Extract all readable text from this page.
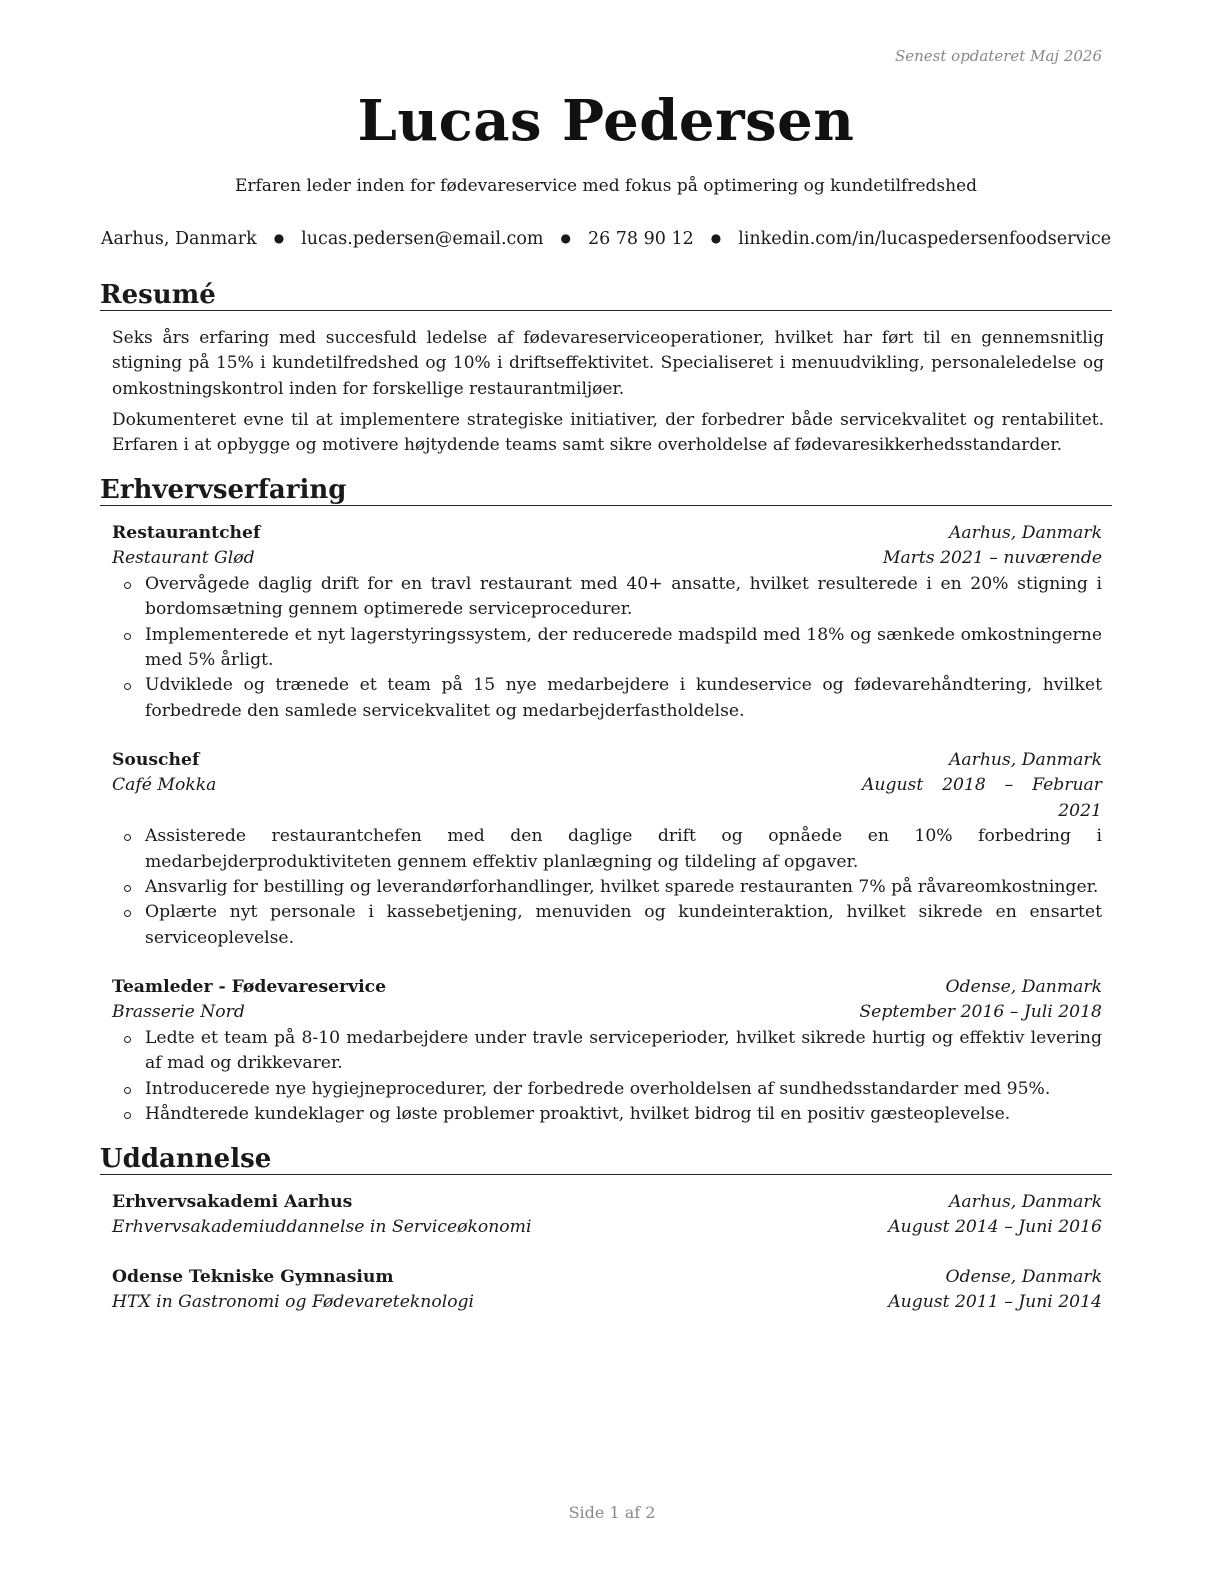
Senest opdateret Maj 2026
Lucas Pedersen
Erfaren leder inden for fødevareservice med fokus på optimering og kundetilfredshed
Aarhus, Danmark ● lucas.pedersen@email.com ● 26 78 90 12 ● linkedin.com/in/lucaspedersenfoodservice
Resumé

Seks års erfaring med succesfuld ledelse af fødevareserviceoperationer, hvilket har ført til en gennemsnitlig stigning på 15% i kundetilfredshed og 10% i driftseffektivitet. Specialiseret i menuudvikling, personaleledelse og omkostningskontrol inden for forskellige restaurantmiljøer.

Dokumenteret evne til at implementere strategiske initiativer, der forbedrer både servicekvalitet og rentabilitet. Erfaren i at opbygge og motivere højtydende teams samt sikre overholdelse af fødevaresikkerhedsstandarder.

Erhvervserfaring
Restaurantchef	Aarhus, Danmark
Restaurant Glød	Marts 2021 – nuværende
Overvågede daglig drift for en travl restaurant med 40+ ansatte, hvilket resulterede i en 20% stigning i bordomsætning gennem optimerede serviceprocedurer.
Implementerede et nyt lagerstyringssystem, der reducerede madspild med 18% og sænkede omkostningerne med 5% årligt.
Udviklede og trænede et team på 15 nye medarbejdere i kundeservice og fødevarehåndtering, hvilket forbedrede den samlede servicekvalitet og medarbejderfastholdelse.
Souschef	Aarhus, Danmark
Café Mokka	August 2018 – Februar 2021
Assisterede restaurantchefen med den daglige drift og opnåede en 10% forbedring i medarbejderproduktiviteten gennem effektiv planlægning og tildeling af opgaver.
Ansvarlig for bestilling og leverandørforhandlinger, hvilket sparede restauranten 7% på råvareomkostninger.
Oplærte nyt personale i kassebetjening, menuviden og kundeinteraktion, hvilket sikrede en ensartet serviceoplevelse.
Teamleder - Fødevareservice	Odense, Danmark
Brasserie Nord	September 2016 – Juli 2018
Ledte et team på 8-10 medarbejdere under travle serviceperioder, hvilket sikrede hurtig og effektiv levering af mad og drikkevarer.
Introducerede nye hygiejneprocedurer, der forbedrede overholdelsen af sundhedsstandarder med 95%.
Håndterede kundeklager og løste problemer proaktivt, hvilket bidrog til en positiv gæsteoplevelse.
Uddannelse
Erhvervsakademi Aarhus	Aarhus, Danmark
Erhvervsakademiuddannelse in Serviceøkonomi	August 2014 – Juni 2016
Odense Tekniske Gymnasium	Odense, Danmark
HTX in Gastronomi og Fødevareteknologi	August 2011 – Juni 2014
Side 1 af 2
